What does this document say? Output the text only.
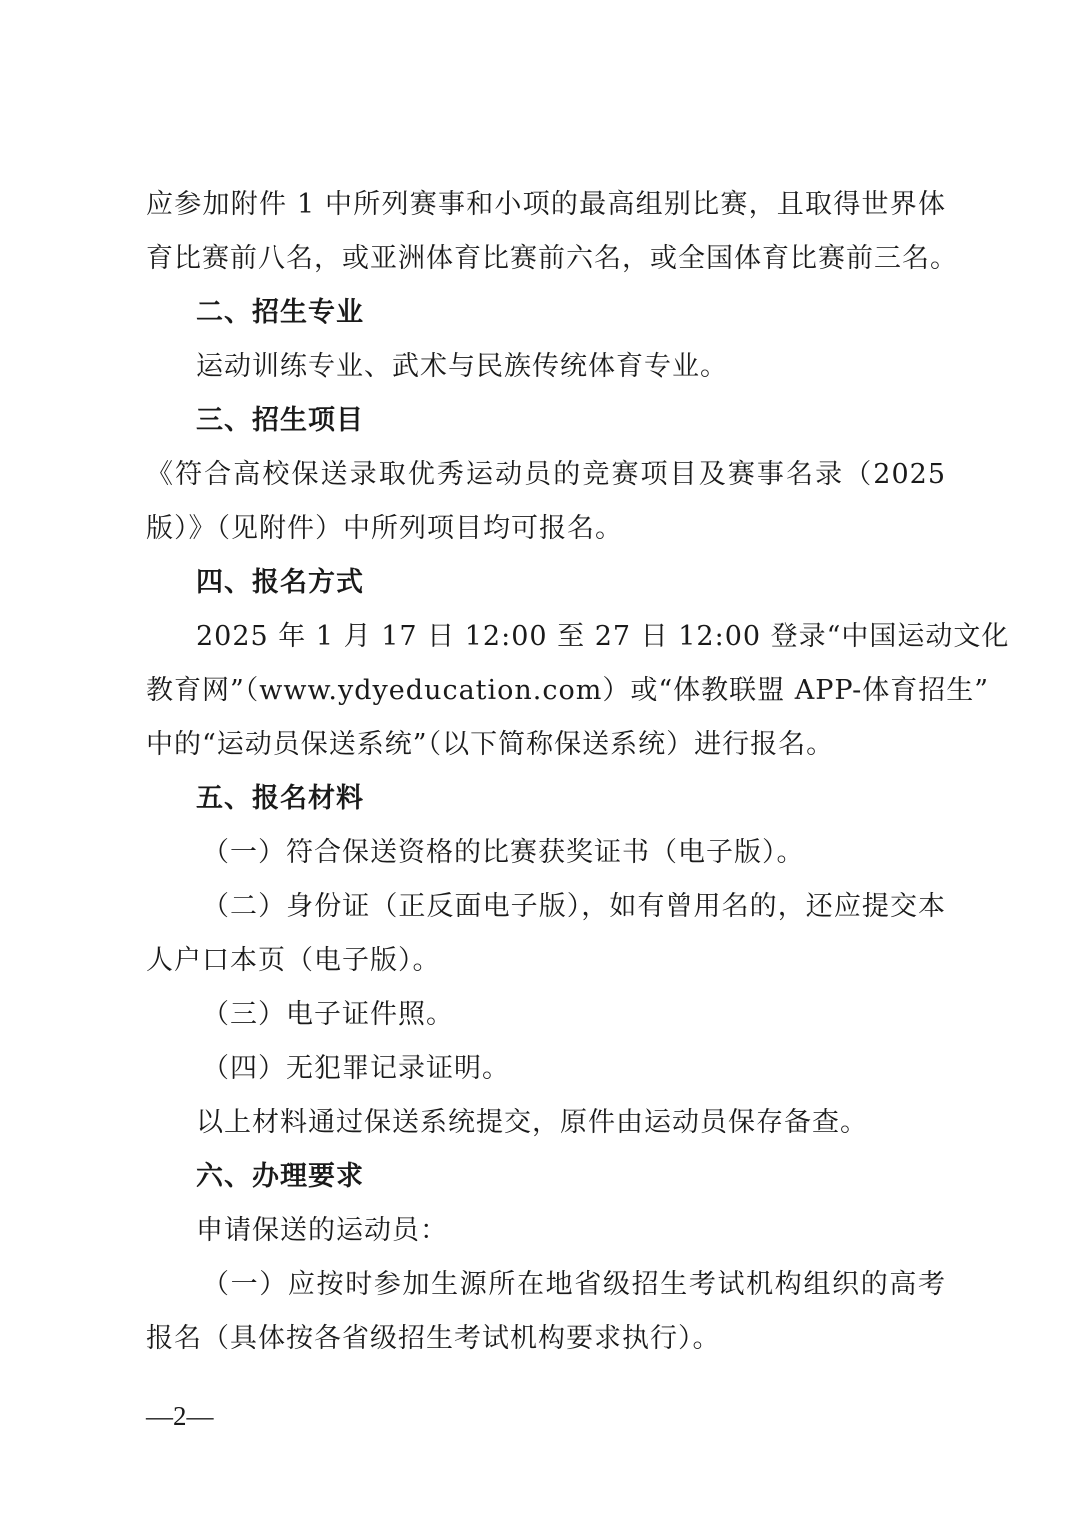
应参加附件 1 中所列赛事和小项的最高组别比赛，且取得世界体
育比赛前八名，或亚洲体育比赛前六名，或全国体育比赛前三名。
二、招生专业
运动训练专业、武术与民族传统体育专业。
三、招生项目
《符合高校保送录取优秀运动员的竞赛项目及赛事名录（2025
版）》（见附件）中所列项目均可报名。
四、报名方式
2025 年 1 月 17 日 12:00 至 27 日 12:00 登录“中国运动文化
教育网”（www.ydyeducation.com）或“体教联盟 APP-体育招生”
中的“运动员保送系统”（以下简称保送系统）进行报名。
五、报名材料
（一）符合保送资格的比赛获奖证书（电子版）。
（二）身份证（正反面电子版），如有曾用名的，还应提交本
人户口本页（电子版）。
（三）电子证件照。
（四）无犯罪记录证明。
以上材料通过保送系统提交，原件由运动员保存备查。
六、办理要求
申请保送的运动员：
（一）应按时参加生源所在地省级招生考试机构组织的高考
报名（具体按各省级招生考试机构要求执行）。
—2—
